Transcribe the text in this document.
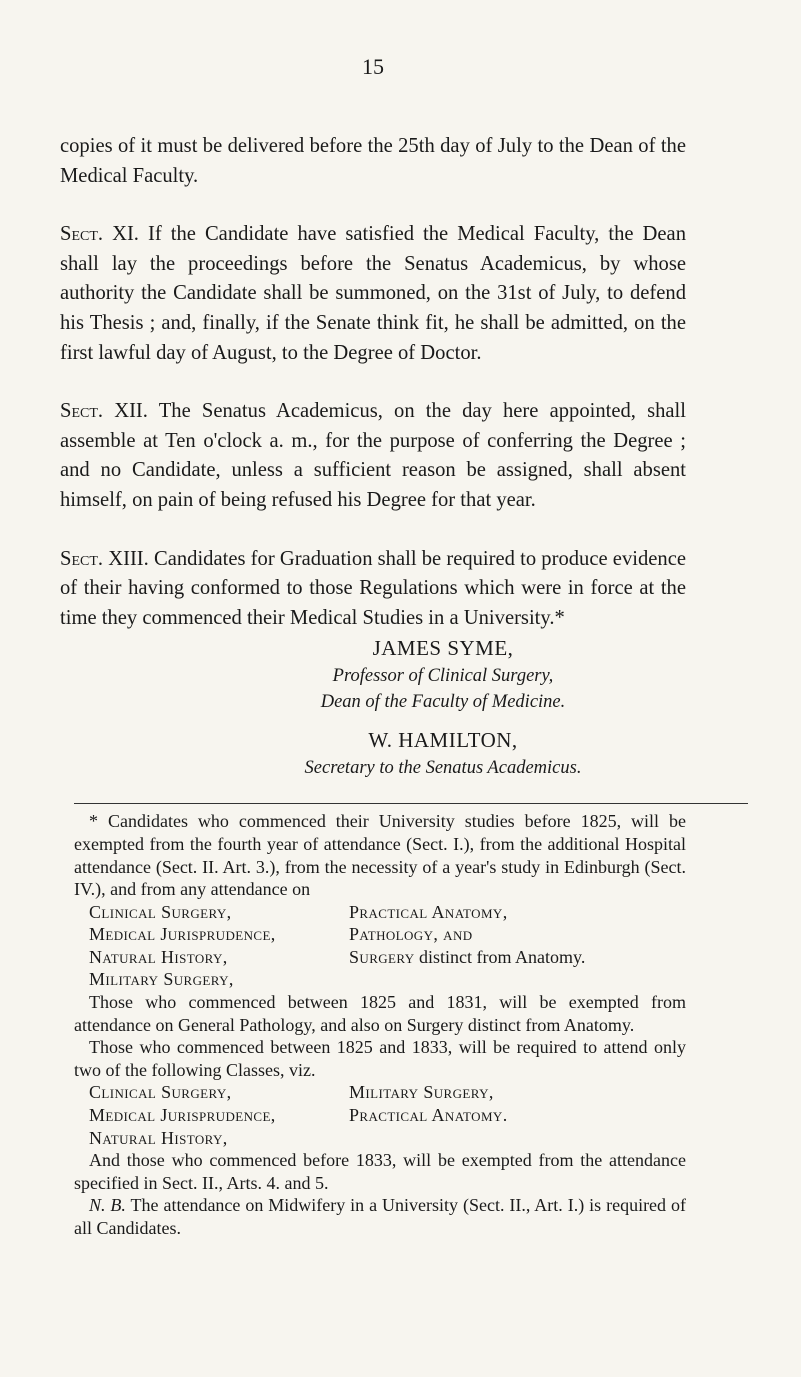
15

copies of it must be delivered before the 25th day of July to the Dean of the Medical Faculty.

Sect. XI. If the Candidate have satisfied the Medical Faculty, the Dean shall lay the proceedings before the Senatus Academicus, by whose authority the Candidate shall be summoned, on the 31st of July, to defend his Thesis ; and, finally, if the Senate think fit, he shall be admitted, on the first lawful day of August, to the Degree of Doctor.

Sect. XII. The Senatus Academicus, on the day here appointed, shall assemble at Ten o'clock a. m., for the purpose of conferring the Degree ; and no Candidate, unless a sufficient reason be assigned, shall absent himself, on pain of being refused his Degree for that year.

Sect. XIII. Candidates for Graduation shall be required to produce evidence of their having conformed to those Regulations which were in force at the time they commenced their Medical Studies in a University.*

JAMES SYME,
Professor of Clinical Surgery,
Dean of the Faculty of Medicine.
W. HAMILTON,
Secretary to the Senatus Academicus.

* Candidates who commenced their University studies before 1825, will be exempted from the fourth year of attendance (Sect. I.), from the additional Hospital attendance (Sect. II. Art. 3.), from the necessity of a year's study in Edinburgh (Sect. IV.), and from any attendance on

Clinical Surgery,	Practical Anatomy,
Medical Jurisprudence,	Pathology, and
Natural History,	Surgery distinct from Anatomy.
Military Surgery,

Those who commenced between 1825 and 1831, will be exempted from attendance on General Pathology, and also on Surgery distinct from Anatomy.

Those who commenced between 1825 and 1833, will be required to attend only two of the following Classes, viz.

Clinical Surgery,	Military Surgery,
Medical Jurisprudence,	Practical Anatomy.
Natural History,

And those who commenced before 1833, will be exempted from the attendance specified in Sect. II., Arts. 4. and 5.

N. B. The attendance on Midwifery in a University (Sect. II., Art. I.) is required of all Candidates.
